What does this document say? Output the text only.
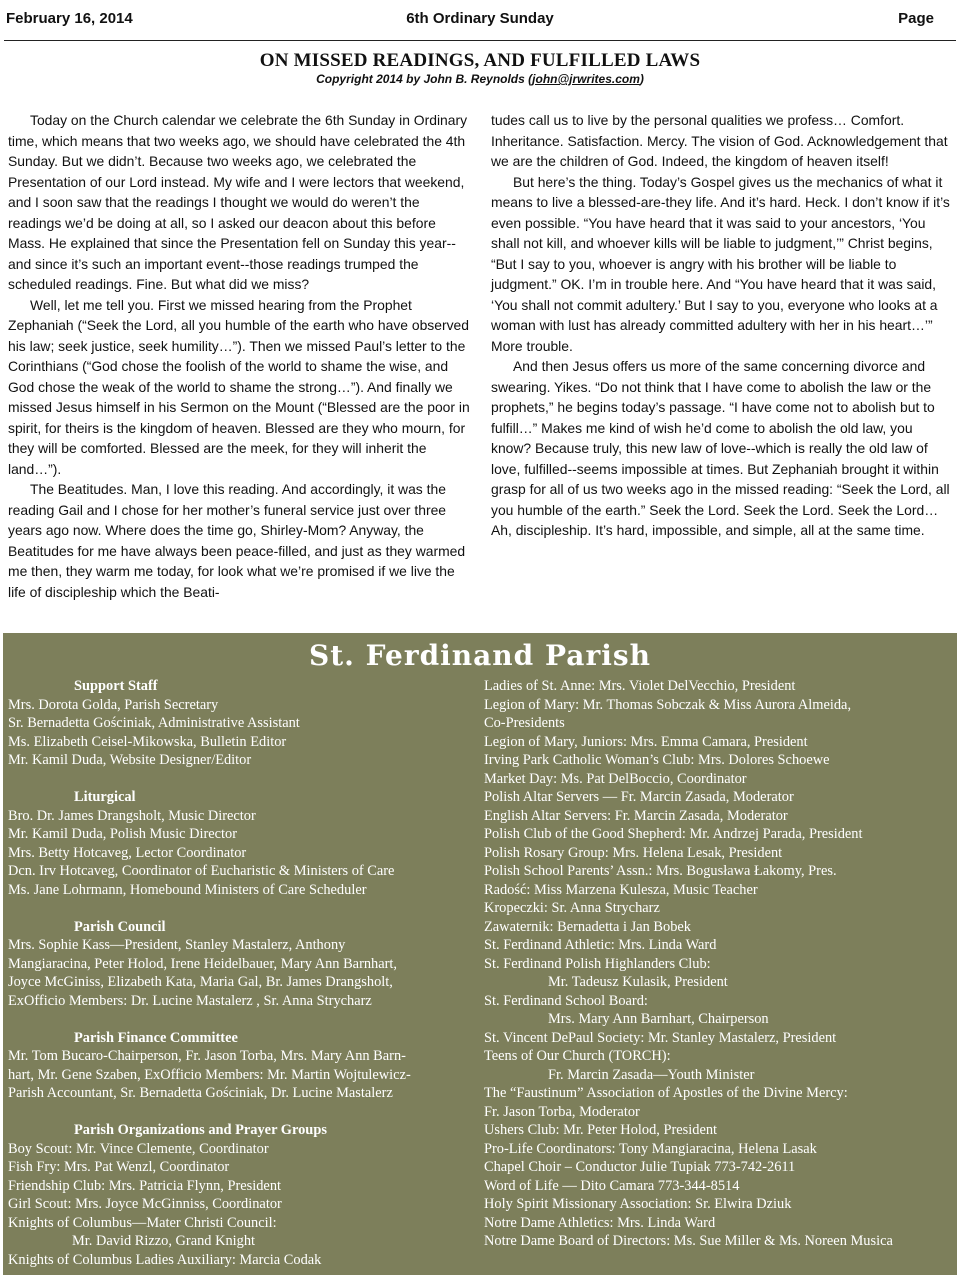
February 16, 2014	6th Ordinary Sunday	Page
ON MISSED READINGS, AND FULFILLED LAWS
Copyright 2014 by John B. Reynolds (john@jrwrites.com)

Today on the Church calendar we celebrate the 6th Sunday in Ordinary time, which means that two weeks ago, we should have celebrated the 4th Sunday. But we didn’t. Because two weeks ago, we celebrated the Presentation of our Lord instead. My wife and I were lectors that weekend, and I soon saw that the readings I thought we would do weren’t the readings we’d be doing at all, so I asked our deacon about this before Mass. He explained that since the Presentation fell on Sunday this year--and since it’s such an important event--those readings trumped the scheduled readings. Fine. But what did we miss?

Well, let me tell you. First we missed hearing from the Prophet Zephaniah (“Seek the Lord, all you humble of the earth who have observed his law; seek justice, seek humility…”). Then we missed Paul’s letter to the Corinthians (“God chose the foolish of the world to shame the wise, and God chose the weak of the world to shame the strong…”). And finally we missed Jesus himself in his Sermon on the Mount (“Blessed are the poor in spirit, for theirs is the kingdom of heaven. Blessed are they who mourn, for they will be comforted. Blessed are the meek, for they will inherit the land…”).

The Beatitudes. Man, I love this reading. And accordingly, it was the reading Gail and I chose for her mother’s funeral service just over three years ago now. Where does the time go, Shirley-Mom? Anyway, the Beatitudes for me have always been peace-filled, and just as they warmed me then, they warm me today, for look what we’re promised if we live the life of discipleship which the Beati-

tudes call us to live by the personal qualities we profess… Comfort. Inheritance. Satisfaction. Mercy. The vision of God. Acknowledgement that we are the children of God. Indeed, the kingdom of heaven itself!

But here’s the thing. Today’s Gospel gives us the mechanics of what it means to live a blessed-are-they life. And it’s hard. Heck. I don’t know if it’s even possible. “You have heard that it was said to your ancestors, ‘You shall not kill, and whoever kills will be liable to judgment,’” Christ begins, “But I say to you, whoever is angry with his brother will be liable to judgment.” OK. I’m in trouble here. And “You have heard that it was said, ‘You shall not commit adultery.’ But I say to you, everyone who looks at a woman with lust has already committed adultery with her in his heart…’” More trouble.

And then Jesus offers us more of the same concerning divorce and swearing. Yikes. “Do not think that I have come to abolish the law or the prophets,” he begins today’s passage. “I have come not to abolish but to fulfill…” Makes me kind of wish he’d come to abolish the old law, you know? Because truly, this new law of love--which is really the old law of love, fulfilled--seems impossible at times. But Zephaniah brought it within grasp for all of us two weeks ago in the missed reading: “Seek the Lord, all you humble of the earth.” Seek the Lord. Seek the Lord. Seek the Lord… Ah, discipleship. It’s hard, impossible, and simple, all at the same time.

St. Ferdinand Parish
Support Staff
Mrs. Dorota Golda, Parish Secretary
Sr. Bernadetta Gościniak, Administrative Assistant
Ms. Elizabeth Ceisel-Mikowska, Bulletin Editor
Mr. Kamil Duda, Website Designer/Editor
Liturgical
Bro. Dr. James Drangsholt, Music Director
Mr. Kamil Duda, Polish Music Director
Mrs. Betty Hotcaveg, Lector Coordinator
Dcn. Irv Hotcaveg, Coordinator of Eucharistic & Ministers of Care
Ms. Jane Lohrmann, Homebound Ministers of Care Scheduler
Parish Council
Mrs. Sophie Kass—President, Stanley Mastalerz, Anthony
Mangiaracina, Peter Holod, Irene Heidelbauer, Mary Ann Barnhart,
Joyce McGiniss, Elizabeth Kata, Maria Gal, Br. James Drangsholt,
ExOfficio Members: Dr. Lucine Mastalerz , Sr. Anna Strycharz
Parish Finance Committee
Mr. Tom Bucaro-Chairperson, Fr. Jason Torba, Mrs. Mary Ann Barn-
hart, Mr. Gene Szaben, ExOfficio Members: Mr. Martin Wojtulewicz-
Parish Accountant, Sr. Bernadetta Gościniak, Dr. Lucine Mastalerz
Parish Organizations and Prayer Groups
Boy Scout: Mr. Vince Clemente, Coordinator
Fish Fry: Mrs. Pat Wenzl, Coordinator
Friendship Club: Mrs. Patricia Flynn, President
Girl Scout: Mrs. Joyce McGinniss, Coordinator
Knights of Columbus—Mater Christi Council:
Mr. David Rizzo, Grand Knight
Knights of Columbus Ladies Auxiliary: Marcia Codak
Ladies of St. Anne: Mrs. Violet DelVecchio, President
Legion of Mary: Mr. Thomas Sobczak & Miss Aurora Almeida,
Co-Presidents
Legion of Mary, Juniors: Mrs. Emma Camara, President
Irving Park Catholic Woman’s Club: Mrs. Dolores Schoewe
Market Day: Ms. Pat DelBoccio, Coordinator
Polish Altar Servers — Fr. Marcin Zasada, Moderator
English Altar Servers: Fr. Marcin Zasada, Moderator
Polish Club of the Good Shepherd: Mr. Andrzej Parada, President
Polish Rosary Group: Mrs. Helena Lesak, President
Polish School Parents’ Assn.: Mrs. Bogusława Łakomy, Pres.
Radość: Miss Marzena Kulesza, Music Teacher
Kropeczki: Sr. Anna Strycharz
Zawaternik: Bernadetta i Jan Bobek
St. Ferdinand Athletic: Mrs. Linda Ward
St. Ferdinand Polish Highlanders Club:
Mr. Tadeusz Kulasik, President
St. Ferdinand School Board:
Mrs. Mary Ann Barnhart, Chairperson
St. Vincent DePaul Society: Mr. Stanley Mastalerz, President
Teens of Our Church (TORCH):
Fr. Marcin Zasada—Youth Minister
The “Faustinum” Association of Apostles of the Divine Mercy:
Fr. Jason Torba, Moderator
Ushers Club: Mr. Peter Holod, President
Pro-Life Coordinators: Tony Mangiaracina, Helena Lasak
Chapel Choir – Conductor Julie Tupiak 773-742-2611
Word of Life — Dito Camara 773-344-8514
Holy Spirit Missionary Association: Sr. Elwira Dziuk
Notre Dame Athletics: Mrs. Linda Ward
Notre Dame Board of Directors: Ms. Sue Miller & Ms. Noreen Musica
